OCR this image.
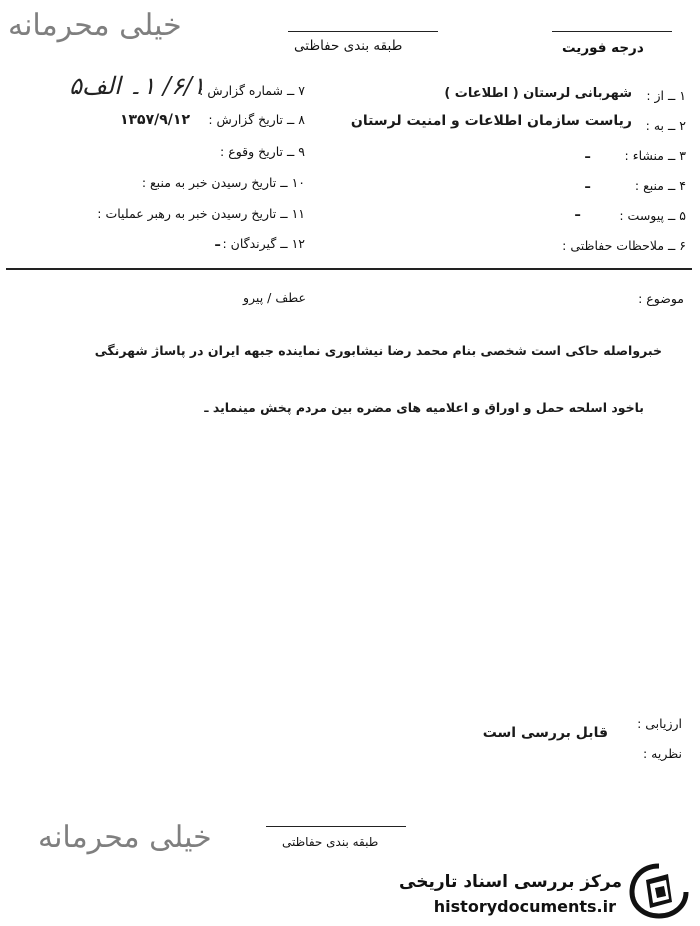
خیلی محرمانه
طبقه بندی حفاظتی	درجه فوریت
۷ ــ شماره گزارش :
۶/۱/ ۱۔ الف۵
۸ ــ تاریخ گزارش :
۱۳۵۷/۹/۱۲
۹ ــ تاریخ وقوع :
۱۰ ــ تاریخ رسیدن خبر به منبع :
۱۱ ــ تاریخ رسیدن خبر به رهبر عملیات :
۱۲ ــ گیرندگان :
ـ
۱ ــ از :
شهربانی لرستان ( اطلاعات )
۲ ــ به :
ریاست سازمان اطلاعات و امنیت لرستان
۳ ــ منشاء :
ـ
۴ ــ منبع :
ـ
۵ ــ پیوست :
ـ
۶ ــ ملاحظات حفاظتی :
موضوع :
عطف / پیرو
خبرواصله حاکی است شخصی بنام محمد رضا نیشابوری نماینده جبهه ایران در پاساژ شهرنگی
باخود اسلحه حمل و اوراق و اعلامیه های مضره بین مردم پخش مینماید ـ
ارزیابی :
قابل بررسی است
نظریه :
خیلی محرمانه	طبقه بندی حفاظتی
مرکز بررسی اسناد تاریخی
historydocuments.ir
